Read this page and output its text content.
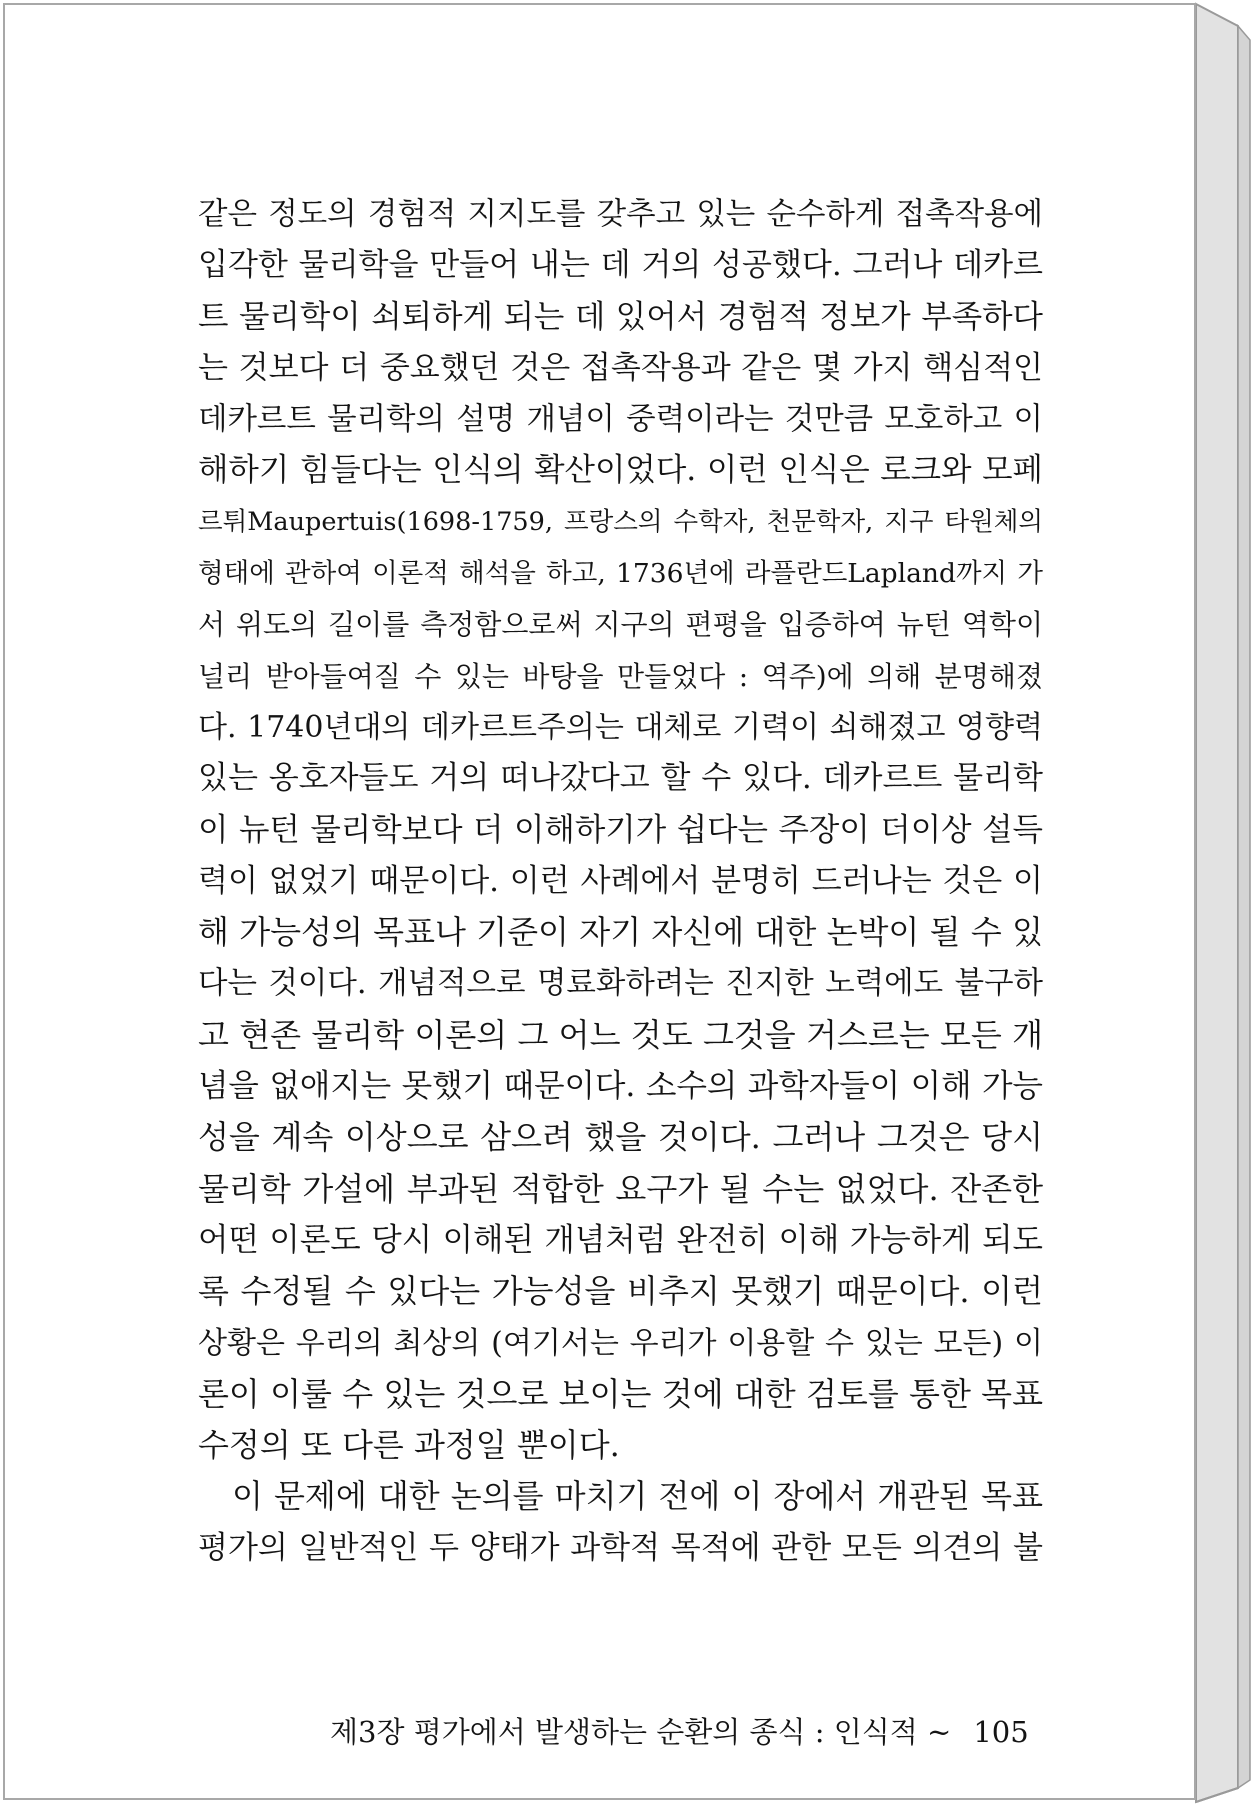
같은 정도의 경험적 지지도를 갖추고 있는 순수하게 접촉작용에
입각한 물리학을 만들어 내는 데 거의 성공했다. 그러나 데카르
트 물리학이 쇠퇴하게 되는 데 있어서 경험적 정보가 부족하다
는 것보다 더 중요했던 것은 접촉작용과 같은 몇 가지 핵심적인
데카르트 물리학의 설명 개념이 중력이라는 것만큼 모호하고 이
해하기 힘들다는 인식의 확산이었다. 이런 인식은 로크와 모페
르튀Maupertuis(1698-1759, 프랑스의 수학자, 천문학자, 지구 타원체의
형태에 관하여 이론적 해석을 하고, 1736년에 라플란드Lapland까지 가
서 위도의 길이를 측정함으로써 지구의 편평을 입증하여 뉴턴 역학이
널리 받아들여질 수 있는 바탕을 만들었다 : 역주)에 의해 분명해졌
다. 1740년대의 데카르트주의는 대체로 기력이 쇠해졌고 영향력
있는 옹호자들도 거의 떠나갔다고 할 수 있다. 데카르트 물리학
이 뉴턴 물리학보다 더 이해하기가 쉽다는 주장이 더이상 설득
력이 없었기 때문이다. 이런 사례에서 분명히 드러나는 것은 이
해 가능성의 목표나 기준이 자기 자신에 대한 논박이 될 수 있
다는 것이다. 개념적으로 명료화하려는 진지한 노력에도 불구하
고 현존 물리학 이론의 그 어느 것도 그것을 거스르는 모든 개
념을 없애지는 못했기 때문이다. 소수의 과학자들이 이해 가능
성을 계속 이상으로 삼으려 했을 것이다. 그러나 그것은 당시
물리학 가설에 부과된 적합한 요구가 될 수는 없었다. 잔존한
어떤 이론도 당시 이해된 개념처럼 완전히 이해 가능하게 되도
록 수정될 수 있다는 가능성을 비추지 못했기 때문이다. 이런
상황은 우리의 최상의 (여기서는 우리가 이용할 수 있는 모든) 이
론이 이룰 수 있는 것으로 보이는 것에 대한 검토를 통한 목표
수정의 또 다른 과정일 뿐이다.
이 문제에 대한 논의를 마치기 전에 이 장에서 개관된 목표
평가의 일반적인 두 양태가 과학적 목적에 관한 모든 의견의 불
제3장 평가에서 발생하는 순환의 종식 : 인식적 ~ 105
